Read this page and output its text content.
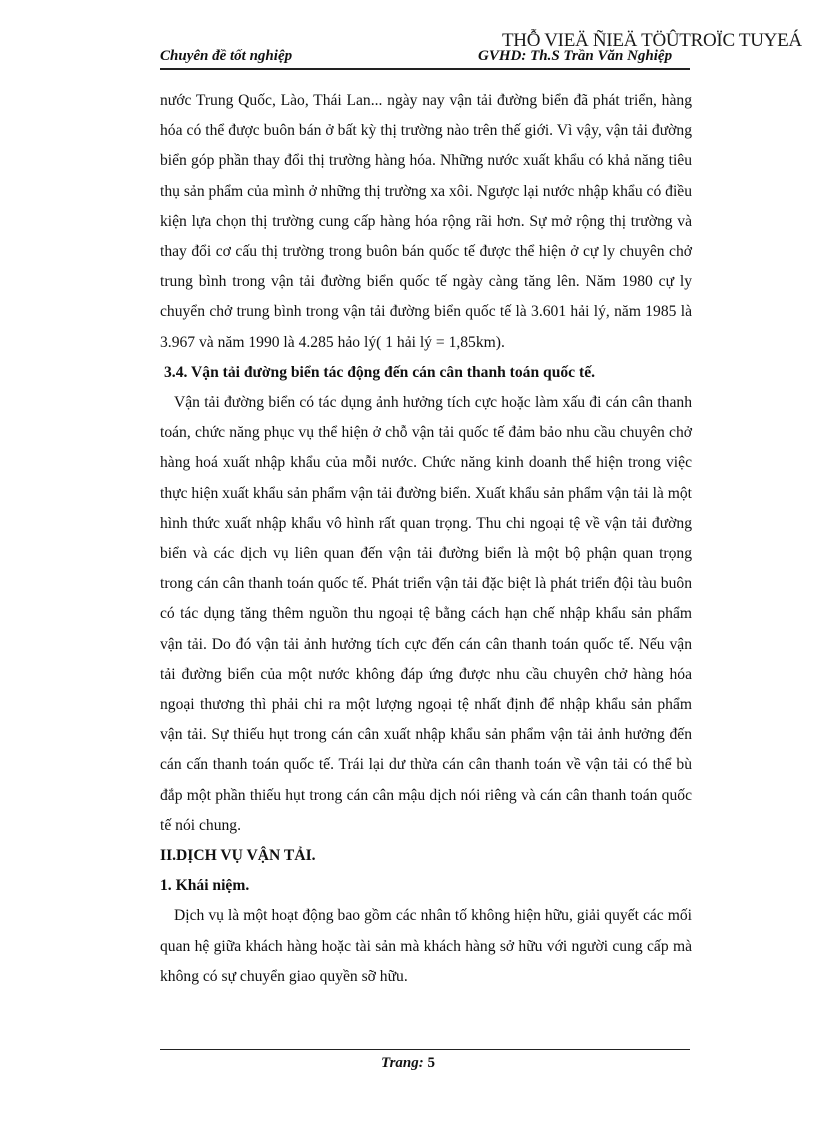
THỖ VIEÄ ÑIEÄ TÖÛTROÏC TUYEÁ
Chuyên đề tốt nghiệp	GVHD: Th.S Trần Văn Nghiệp

nước Trung Quốc, Lào, Thái Lan... ngày nay vận tải đường biển đã phát triển, hàng hóa có thể được buôn bán ở bất kỳ thị trường nào trên thế giới. Vì vậy, vận tải đường biển góp phần thay đổi thị trường hàng hóa. Những nước xuất khẩu có khả năng tiêu thụ sản phẩm của mình ở những thị trường xa xôi. Ngược lại nước nhập khẩu có điều kiện lựa chọn thị trường cung cấp hàng hóa rộng rãi hơn. Sự mở rộng thị trường và thay đổi cơ cấu thị trường trong buôn bán quốc tế được thể hiện ở cự ly chuyên chở trung bình trong vận tải đường biển quốc tế ngày càng tăng lên. Năm 1980 cự ly chuyển chở trung bình trong vận tải đường biển quốc tế là 3.601 hải lý, năm 1985 là 3.967 và năm 1990 là 4.285 hảo lý( 1 hải lý = 1,85km).

3.4. Vận tải đường biển tác động đến cán cân thanh toán quốc tế.

Vận tải đường biển có tác dụng ảnh hưởng tích cực hoặc làm xấu đi cán cân thanh toán, chức năng phục vụ thể hiện ở chỗ vận tải quốc tế đảm bảo nhu cầu chuyên chở hàng hoá xuất nhập khẩu của mỗi nước. Chức năng kinh doanh thể hiện trong việc thực hiện xuất khẩu sản phẩm vận tải đường biển. Xuất khẩu sản phẩm vận tải là một hình thức xuất nhập khẩu vô hình rất quan trọng. Thu chi ngoại tệ về vận tải đường biển và các dịch vụ liên quan đến vận tải đường biển là một bộ phận quan trọng trong cán cân thanh toán quốc tế. Phát triển vận tải đặc biệt là phát triển đội tàu buôn có tác dụng tăng thêm nguồn thu ngoại tệ bằng cách hạn chế nhập khẩu sản phẩm vận tải. Do đó vận tải ảnh hưởng tích cực đến cán cân thanh toán quốc tế. Nếu vận tải đường biển của một nước không đáp ứng được nhu cầu chuyên chở hàng hóa ngoại thương thì phải chi ra một lượng ngoại tệ nhất định để nhập khẩu sản phẩm vận tải. Sự thiếu hụt trong cán cân xuất nhập khẩu sản phẩm vận tải ảnh hưởng đến cán cấn thanh toán quốc tế. Trái lại dư thừa cán cân thanh toán về vận tải có thể bù đắp một phần thiếu hụt trong cán cân mậu dịch nói riêng và cán cân thanh toán quốc tế nói chung.

II.DỊCH VỤ VẬN TẢI.

1. Khái niệm.

Dịch vụ là một hoạt động bao gồm các nhân tố không hiện hữu, giải quyết các mối quan hệ giữa khách hàng hoặc tài sản mà khách hàng sở hữu với người cung cấp mà không có sự chuyển giao quyền sỡ hữu.

Trang: 5
